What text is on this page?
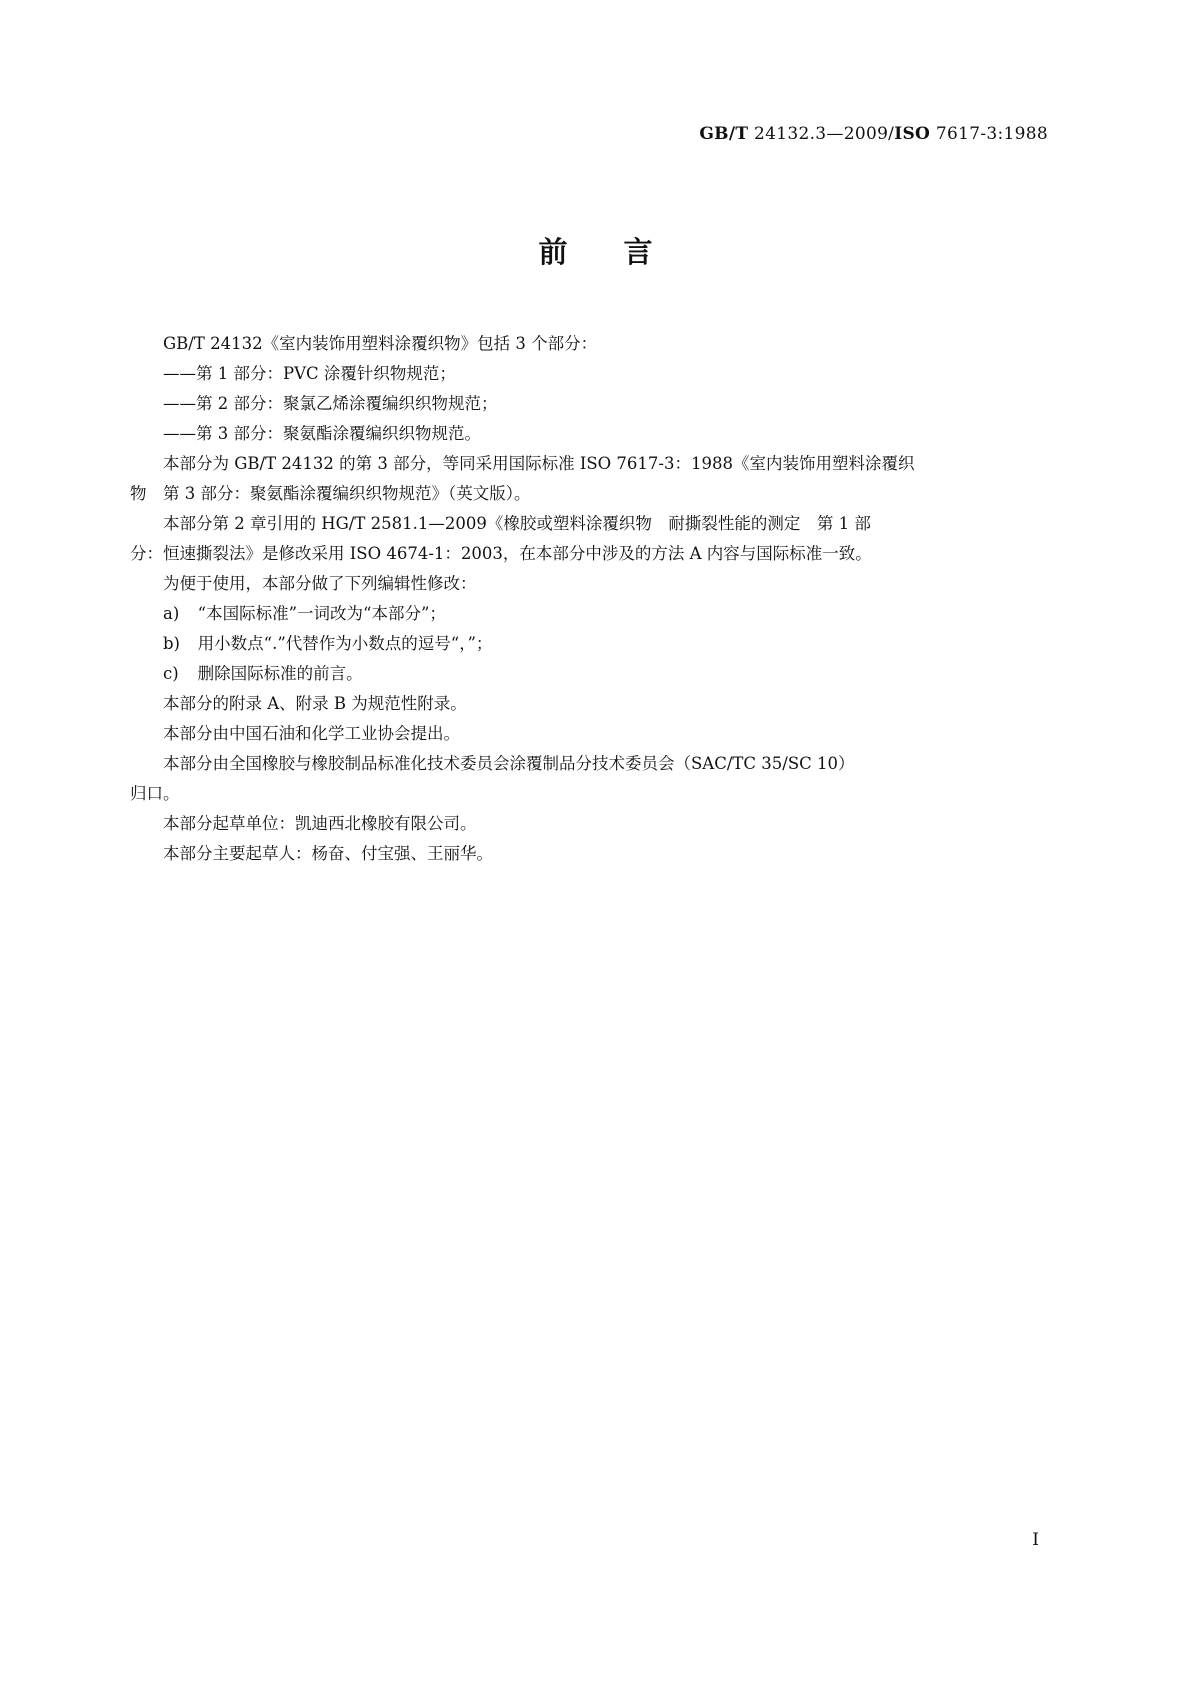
GB/T 24132.3—2009/ISO 7617-3:1988
前言

GB/T 24132《室内装饰用塑料涂覆织物》包括 3 个部分：

——第 1 部分：PVC 涂覆针织物规范；

——第 2 部分：聚氯乙烯涂覆编织织物规范；

——第 3 部分：聚氨酯涂覆编织织物规范。

本部分为 GB/T 24132 的第 3 部分，等同采用国际标准 ISO 7617-3：1988《室内装饰用塑料涂覆织
物　第 3 部分：聚氨酯涂覆编织织物规范》（英文版）。

本部分第 2 章引用的 HG/T 2581.1—2009《橡胶或塑料涂覆织物　耐撕裂性能的测定　第 1 部
分：恒速撕裂法》是修改采用 ISO 4674-1：2003，在本部分中涉及的方法 A 内容与国际标准一致。

为便于使用，本部分做了下列编辑性修改：

a) “本国际标准”一词改为“本部分”；

b) 用小数点“.”代替作为小数点的逗号“，”；

c) 删除国际标准的前言。

本部分的附录 A、附录 B 为规范性附录。

本部分由中国石油和化学工业协会提出。

本部分由全国橡胶与橡胶制品标准化技术委员会涂覆制品分技术委员会（SAC/TC 35/SC 10）
归口。

本部分起草单位：凯迪西北橡胶有限公司。

本部分主要起草人：杨奋、付宝强、王丽华。

I
